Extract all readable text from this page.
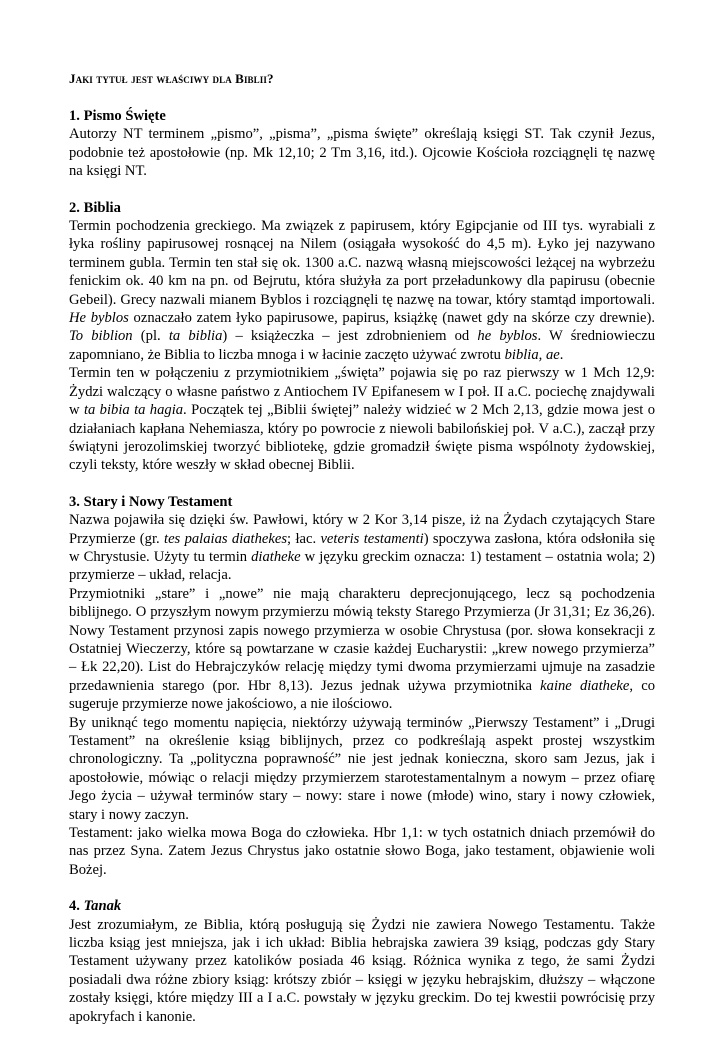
Jaki tytuł jest właściwy dla Biblii?
1. Pismo Święte

Autorzy NT terminem „pismo”, „pisma”, „pisma święte” określają księgi ST. Tak czynił Jezus, podobnie też apostołowie (np. Mk 12,10; 2 Tm 3,16, itd.). Ojcowie Kościoła rozciągnęli tę nazwę na księgi NT.

2. Biblia

Termin pochodzenia greckiego. Ma związek z papirusem, który Egipcjanie od III tys. wyrabiali z łyka rośliny papirusowej rosnącej na Nilem (osiągała wysokość do 4,5 m). Łyko jej nazywano terminem gubla. Termin ten stał się ok. 1300 a.C. nazwą własną miejscowości leżącej na wybrzeżu fenickim ok. 40 km na pn. od Bejrutu, która służyła za port przeładunkowy dla papirusu (obecnie Gebeil). Grecy nazwali mianem Byblos i rozciągnęli tę nazwę na towar, który stamtąd importowali. He byblos oznaczało zatem łyko papirusowe, papirus, książkę (nawet gdy na skórze czy drewnie). To biblion (pl. ta biblia) – książeczka – jest zdrobnieniem od he byblos. W średniowieczu zapomniano, że Biblia to liczba mnoga i w łacinie zaczęto używać zwrotu biblia, ae.

Termin ten w połączeniu z przymiotnikiem „święta” pojawia się po raz pierwszy w 1 Mch 12,9: Żydzi walczący o własne państwo z Antiochem IV Epifanesem w I poł. II a.C. pociechę znajdywali w ta bibia ta hagia. Początek tej „Biblii świętej” należy widzieć w 2 Mch 2,13, gdzie mowa jest o działaniach kapłana Nehemiasza, który po powrocie z niewoli babilońskiej poł. V a.C.), zaczął przy świątyni jerozolimskiej tworzyć bibliotekę, gdzie gromadził święte pisma wspólnoty żydowskiej, czyli teksty, które weszły w skład obecnej Biblii.

3. Stary i Nowy Testament

Nazwa pojawiła się dzięki św. Pawłowi, który w 2 Kor 3,14 pisze, iż na Żydach czytających Stare Przymierze (gr. tes palaias diathekes; łac. veteris testamenti) spoczywa zasłona, która odsłoniła się w Chrystusie. Użyty tu termin diatheke w języku greckim oznacza: 1) testament – ostatnia wola; 2) przymierze – układ, relacja.

Przymiotniki „stare” i „nowe” nie mają charakteru deprecjonującego, lecz są pochodzenia biblijnego. O przyszłym nowym przymierzu mówią teksty Starego Przymierza (Jr 31,31; Ez 36,26). Nowy Testament przynosi zapis nowego przymierza w osobie Chrystusa (por. słowa konsekracji z Ostatniej Wieczerzy, które są powtarzane w czasie każdej Eucharystii: „krew nowego przymierza” – Łk 22,20). List do Hebrajczyków relację między tymi dwoma przymierzami ujmuje na zasadzie przedawnienia starego (por. Hbr 8,13). Jezus jednak używa przymiotnika kaine diatheke, co sugeruje przymierze nowe jakościowo, a nie ilościowo.

By uniknąć tego momentu napięcia, niektórzy używają terminów „Pierwszy Testament” i „Drugi Testament” na określenie ksiąg biblijnych, przez co podkreślają aspekt prostej wszystkim chronologiczny. Ta „polityczna poprawność” nie jest jednak konieczna, skoro sam Jezus, jak i apostołowie, mówiąc o relacji między przymierzem starotestamentalnym a nowym – przez ofiarę Jego życia – używał terminów stary – nowy: stare i nowe (młode) wino, stary i nowy człowiek, stary i nowy zaczyn.

Testament: jako wielka mowa Boga do człowieka. Hbr 1,1: w tych ostatnich dniach przemówił do nas przez Syna. Zatem Jezus Chrystus jako ostatnie słowo Boga, jako testament, objawienie woli Bożej.

4. Tanak

Jest zrozumiałym, ze Biblia, którą posługują się Żydzi nie zawiera Nowego Testamentu. Także liczba ksiąg jest mniejsza, jak i ich układ: Biblia hebrajska zawiera 39 ksiąg, podczas gdy Stary Testament używany przez katolików posiada 46 ksiąg. Różnica wynika z tego, że sami Żydzi posiadali dwa różne zbiory ksiąg: krótszy zbiór – księgi w języku hebrajskim, dłuższy – włączone zostały księgi, które między III a I a.C. powstały w języku greckim. Do tej kwestii powrócisię przy apokryfach i kanonie.
